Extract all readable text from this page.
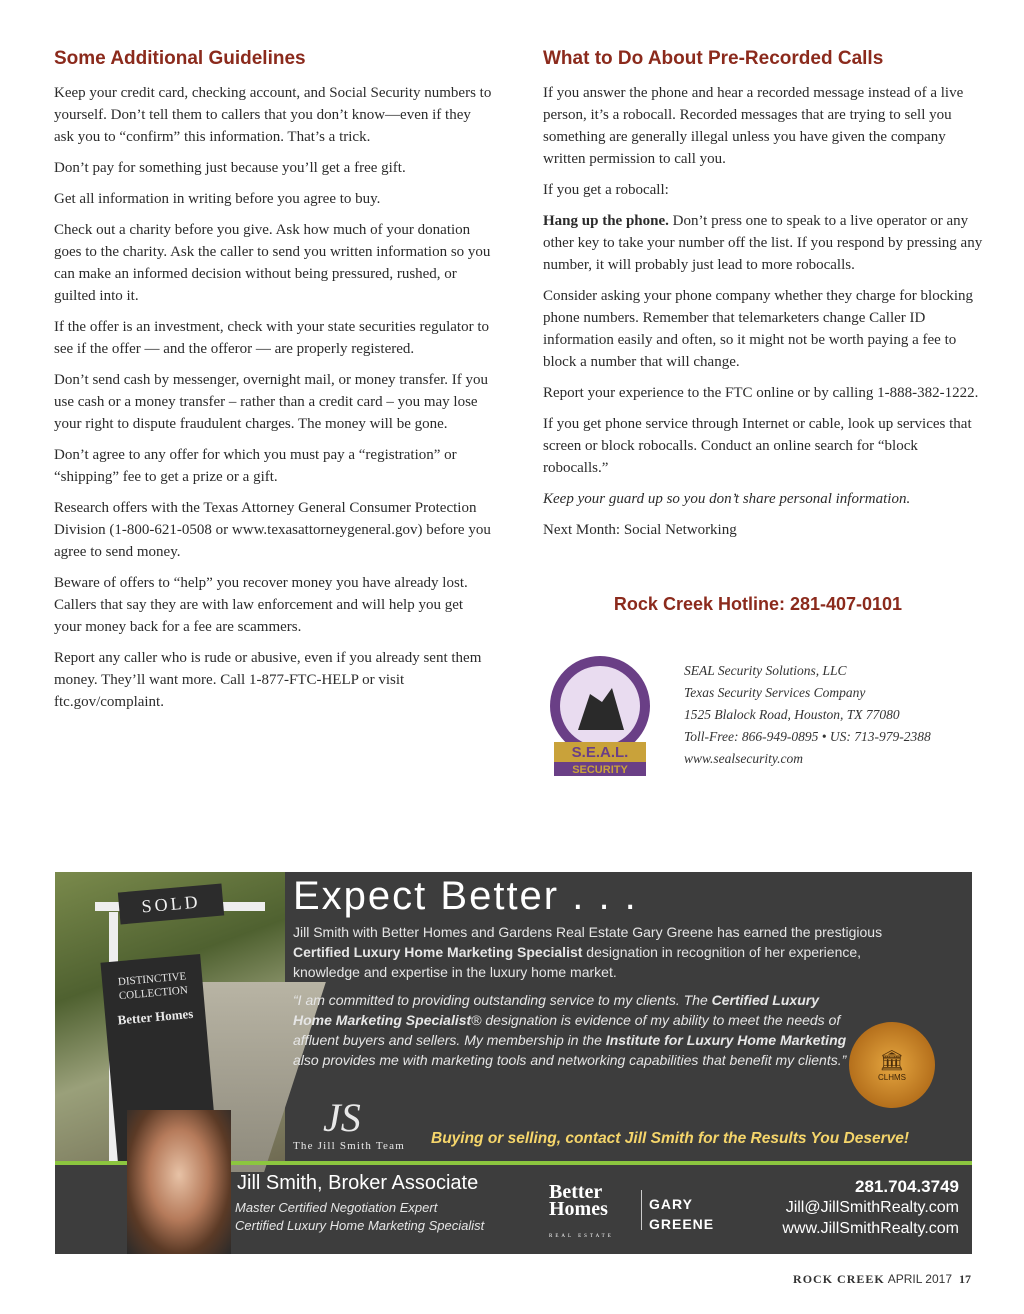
Some Additional Guidelines

Keep your credit card, checking account, and Social Security numbers to yourself. Don’t tell them to callers that you don’t know—even if they ask you to “confirm” this information. That’s a trick.

Don’t pay for something just because you’ll get a free gift.

Get all information in writing before you agree to buy.

Check out a charity before you give. Ask how much of your donation goes to the charity. Ask the caller to send you written information so you can make an informed decision without being pressured, rushed, or guilted into it.

If the offer is an investment, check with your state securities regulator to see if the offer — and the offeror — are properly registered.

Don’t send cash by messenger, overnight mail, or money transfer. If you use cash or a money transfer – rather than a credit card – you may lose your right to dispute fraudulent charges. The money will be gone.

Don’t agree to any offer for which you must pay a “registration” or “shipping” fee to get a prize or a gift.

Research offers with the Texas Attorney General Consumer Protection Division (1-800-621-0508 or www.texasattorneygeneral.gov) before you agree to send money.

Beware of offers to “help” you recover money you have already lost. Callers that say they are with law enforcement and will help you get your money back for a fee are scammers.

Report any caller who is rude or abusive, even if you already sent them money. They’ll want more. Call 1-877-FTC-HELP or visit ftc.gov/complaint.

What to Do About Pre-Recorded Calls

If you answer the phone and hear a recorded message instead of a live person, it’s a robocall. Recorded messages that are trying to sell you something are generally illegal unless you have given the company written permission to call you.

If you get a robocall:

Hang up the phone. Don’t press one to speak to a live operator or any other key to take your number off the list. If you respond by pressing any number, it will probably just lead to more robocalls.

Consider asking your phone company whether they charge for blocking phone numbers. Remember that telemarketers change Caller ID information easily and often, so it might not be worth paying a fee to block a number that will change.

Report your experience to the FTC online or by calling 1-888-382-1222.

If you get phone service through Internet or cable, look up services that screen or block robocalls. Conduct an online search for “block robocalls.”

Keep your guard up so you don’t share personal information.

Next Month: Social Networking

Rock Creek Hotline: 281-407-0101
S.E.A.L.
SECURITY
SEAL Security Solutions, LLC
Texas Security Services Company
1525 Blalock Road, Houston, TX 77080
Toll-Free: 866-949-0895 • US: 713-979-2388
www.sealsecurity.com
SOLD
DISTINCTIVE
COLLECTION
Better Homes
Expect Better . . .
Jill Smith with Better Homes and Gardens Real Estate Gary Greene has earned the prestigious Certified Luxury Home Marketing Specialist designation in recognition of her experience, knowledge and expertise in the luxury home market.
“I am committed to providing outstanding service to my clients. The Certified Luxury Home Marketing Specialist® designation is evidence of my ability to meet the needs of affluent buyers and sellers. My membership in the Institute for Luxury Home Marketing also provides me with marketing tools and networking capabilities that benefit my clients.”
JS
The Jill Smith Team Buying or selling, contact Jill Smith for the Results You Deserve!
🏛
CLHMS
Jill Smith, Broker Associate
Master Certified Negotiation Expert
Certified Luxury Home Marketing Specialist
Better
Homes
REAL ESTATE
GARY
GREENE
281.704.3749
Jill@JillSmithRealty.com
www.JillSmithRealty.com
ROCK CREEK APRIL 2017 17
